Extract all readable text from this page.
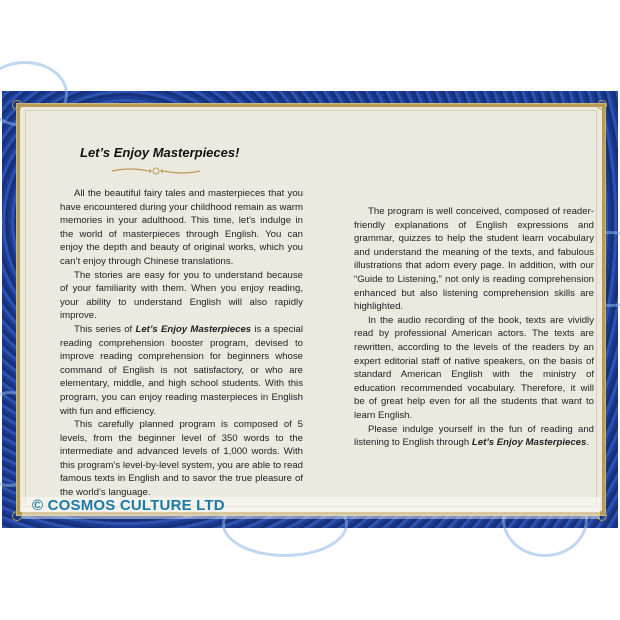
Let’s Enjoy Masterpieces!

All the beautiful fairy tales and masterpieces that you have encountered during your childhood remain as warm memories in your adulthood. This time, let’s indulge in the world of masterpieces through English. You can enjoy the depth and beauty of original works, which you can’t enjoy through Chinese translations.

The stories are easy for you to understand because of your familiarity with them. When you enjoy reading, your ability to understand English will also rapidly improve.

This series of Let’s Enjoy Masterpieces is a special reading comprehension booster program, devised to improve reading comprehension for beginners whose command of English is not satisfactory, or who are elementary, middle, and high school students. With this program, you can enjoy reading masterpieces in English with fun and efficiency.

This carefully planned program is composed of 5 levels, from the beginner level of 350 words to the intermediate and advanced levels of 1,000 words. With this program’s level-by-level system, you are able to read famous texts in English and to savor the true pleasure of the world’s language.

The program is well conceived, composed of reader-friendly explanations of English expressions and grammar, quizzes to help the student learn vocabulary and understand the meaning of the texts, and fabulous illustrations that adorn every page. In addition, with our “Guide to Listening,” not only is reading comprehension enhanced but also listening comprehension skills are highlighted.

In the audio recording of the book, texts are vividly read by professional American actors. The texts are rewritten, according to the levels of the readers by an expert editorial staff of native speakers, on the basis of standard American English with the ministry of education recommended vocabulary. Therefore, it will be of great help even for all the students that want to learn English.

Please indulge yourself in the fun of reading and listening to English through Let’s Enjoy Masterpieces.

© COSMOS CULTURE LTD
